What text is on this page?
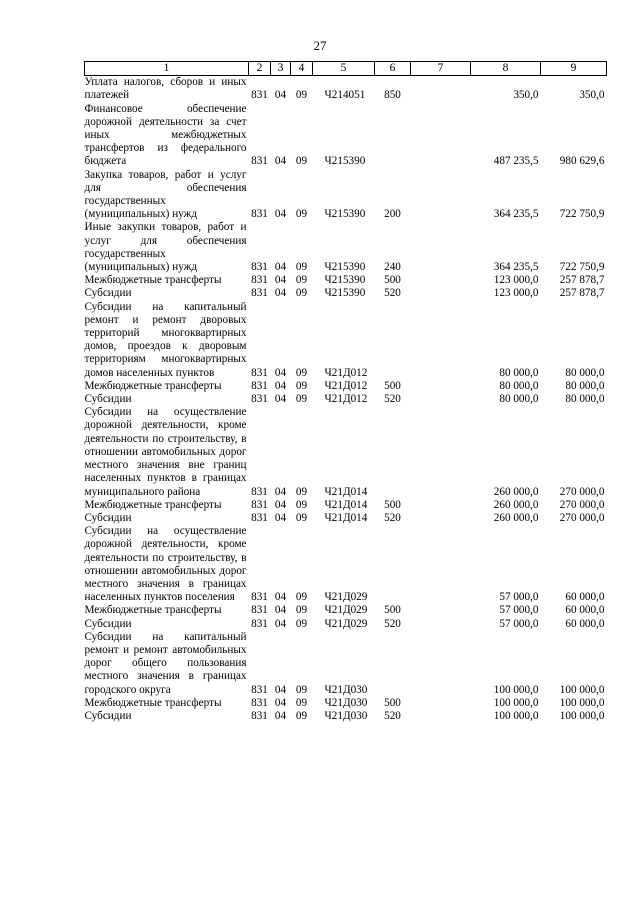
27
1	2	3	4	5	6	7	8	9
Уплата налогов, сборов и иных платежей	831	04	09	Ч214051	850		350,0	350,0
Финансовое обеспечение дорожной деятельности за счет иных межбюджетных трансфертов из федерального бюджета	831	04	09	Ч215390			487 235,5	980 629,6
Закупка товаров, работ и услуг для обеспечения государственных (муниципальных) нужд	831	04	09	Ч215390	200		364 235,5	722 750,9
Иные закупки товаров, работ и услуг для обеспечения государственных (муниципальных) нужд	831	04	09	Ч215390	240		364 235,5	722 750,9
Межбюджетные трансферты	831	04	09	Ч215390	500		123 000,0	257 878,7
Субсидии	831	04	09	Ч215390	520		123 000,0	257 878,7
Субсидии на капитальный ремонт и ремонт дворовых территорий многоквартирных домов, проездов к дворовым территориям многоквартирных домов населенных пунктов	831	04	09	Ч21Д012			80 000,0	80 000,0
Межбюджетные трансферты	831	04	09	Ч21Д012	500		80 000,0	80 000,0
Субсидии	831	04	09	Ч21Д012	520		80 000,0	80 000,0
Субсидии на осуществление дорожной деятельности, кроме деятельности по строительству, в отношении автомобильных дорог местного значения вне границ населенных пунктов в границах муниципального района	831	04	09	Ч21Д014			260 000,0	270 000,0
Межбюджетные трансферты	831	04	09	Ч21Д014	500		260 000,0	270 000,0
Субсидии	831	04	09	Ч21Д014	520		260 000,0	270 000,0
Субсидии на осуществление дорожной деятельности, кроме деятельности по строительству, в отношении автомобильных дорог местного значения в границах населенных пунктов поселения	831	04	09	Ч21Д029			57 000,0	60 000,0
Межбюджетные трансферты	831	04	09	Ч21Д029	500		57 000,0	60 000,0
Субсидии	831	04	09	Ч21Д029	520		57 000,0	60 000,0
Субсидии на капитальный ремонт и ремонт автомобильных дорог общего пользования местного значения в границах городского округа	831	04	09	Ч21Д030			100 000,0	100 000,0
Межбюджетные трансферты	831	04	09	Ч21Д030	500		100 000,0	100 000,0
Субсидии	831	04	09	Ч21Д030	520		100 000,0	100 000,0
